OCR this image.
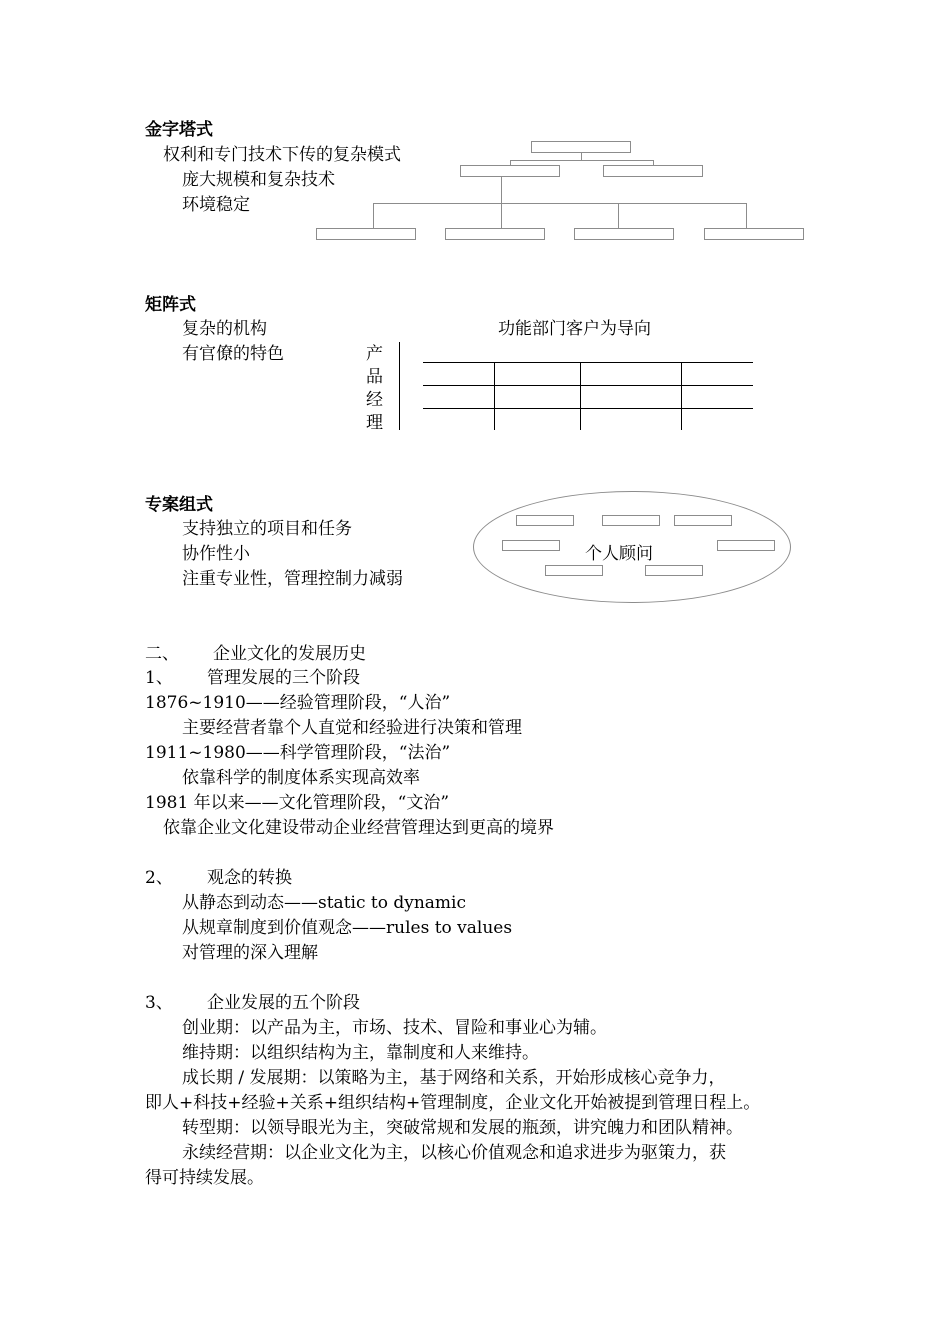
金字塔式
权利和专门技术下传的复杂模式
庞大规模和复杂技术
环境稳定
矩阵式
复杂的机构
有官僚的特色
功能部门客户为导向
产
品
经
理
专案组式
支持独立的项目和任务
协作性小
注重专业性，管理控制力减弱
个人顾问
二、 企业文化的发展历史
1、 管理发展的三个阶段
1876~1910——经验管理阶段，“人治”
主要经营者靠个人直觉和经验进行决策和管理
1911~1980——科学管理阶段，“法治”
依靠科学的制度体系实现高效率
1981 年以来——文化管理阶段，“文治”
依靠企业文化建设带动企业经营管理达到更高的境界
2、 观念的转换
从静态到动态——static to dynamic
从规章制度到价值观念——rules to values
对管理的深入理解
3、 企业发展的五个阶段
创业期：以产品为主，市场、技术、冒险和事业心为辅。
维持期：以组织结构为主，靠制度和人来维持。
成长期 / 发展期：以策略为主，基于网络和关系，开始形成核心竞争力，
即人+科技+经验+关系+组织结构+管理制度，企业文化开始被提到管理日程上。
转型期：以领导眼光为主，突破常规和发展的瓶颈，讲究魄力和团队精神。
永续经营期：以企业文化为主，以核心价值观念和追求进步为驱策力，获
得可持续发展。
